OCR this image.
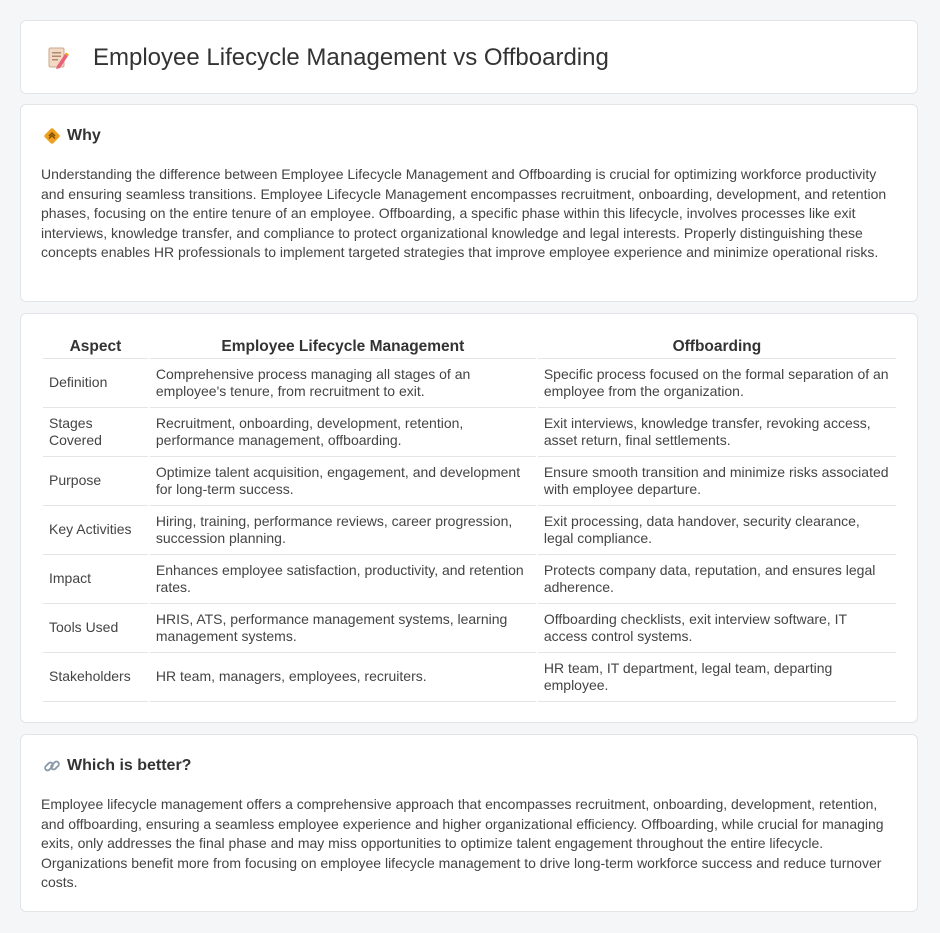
Employee Lifecycle Management vs Offboarding
Why

Understanding the difference between Employee Lifecycle Management and Offboarding is crucial for optimizing workforce productivity and ensuring seamless transitions. Employee Lifecycle Management encompasses recruitment, onboarding, development, and retention phases, focusing on the entire tenure of an employee. Offboarding, a specific phase within this lifecycle, involves processes like exit interviews, knowledge transfer, and compliance to protect organizational knowledge and legal interests. Properly distinguishing these concepts enables HR professionals to implement targeted strategies that improve employee experience and minimize operational risks.

Aspect	Employee Lifecycle Management	Offboarding
Definition	Comprehensive process managing all stages of an employee's tenure, from recruitment to exit.	Specific process focused on the formal separation of an employee from the organization.
Stages Covered	Recruitment, onboarding, development, retention, performance management, offboarding.	Exit interviews, knowledge transfer, revoking access, asset return, final settlements.
Purpose	Optimize talent acquisition, engagement, and development for long-term success.	Ensure smooth transition and minimize risks associated with employee departure.
Key Activities	Hiring, training, performance reviews, career progression, succession planning.	Exit processing, data handover, security clearance, legal compliance.
Impact	Enhances employee satisfaction, productivity, and retention rates.	Protects company data, reputation, and ensures legal adherence.
Tools Used	HRIS, ATS, performance management systems, learning management systems.	Offboarding checklists, exit interview software, IT access control systems.
Stakeholders	HR team, managers, employees, recruiters.	HR team, IT department, legal team, departing employee.
Which is better?

Employee lifecycle management offers a comprehensive approach that encompasses recruitment, onboarding, development, retention, and offboarding, ensuring a seamless employee experience and higher organizational efficiency. Offboarding, while crucial for managing exits, only addresses the final phase and may miss opportunities to optimize talent engagement throughout the entire lifecycle. Organizations benefit more from focusing on employee lifecycle management to drive long-term workforce success and reduce turnover costs.
